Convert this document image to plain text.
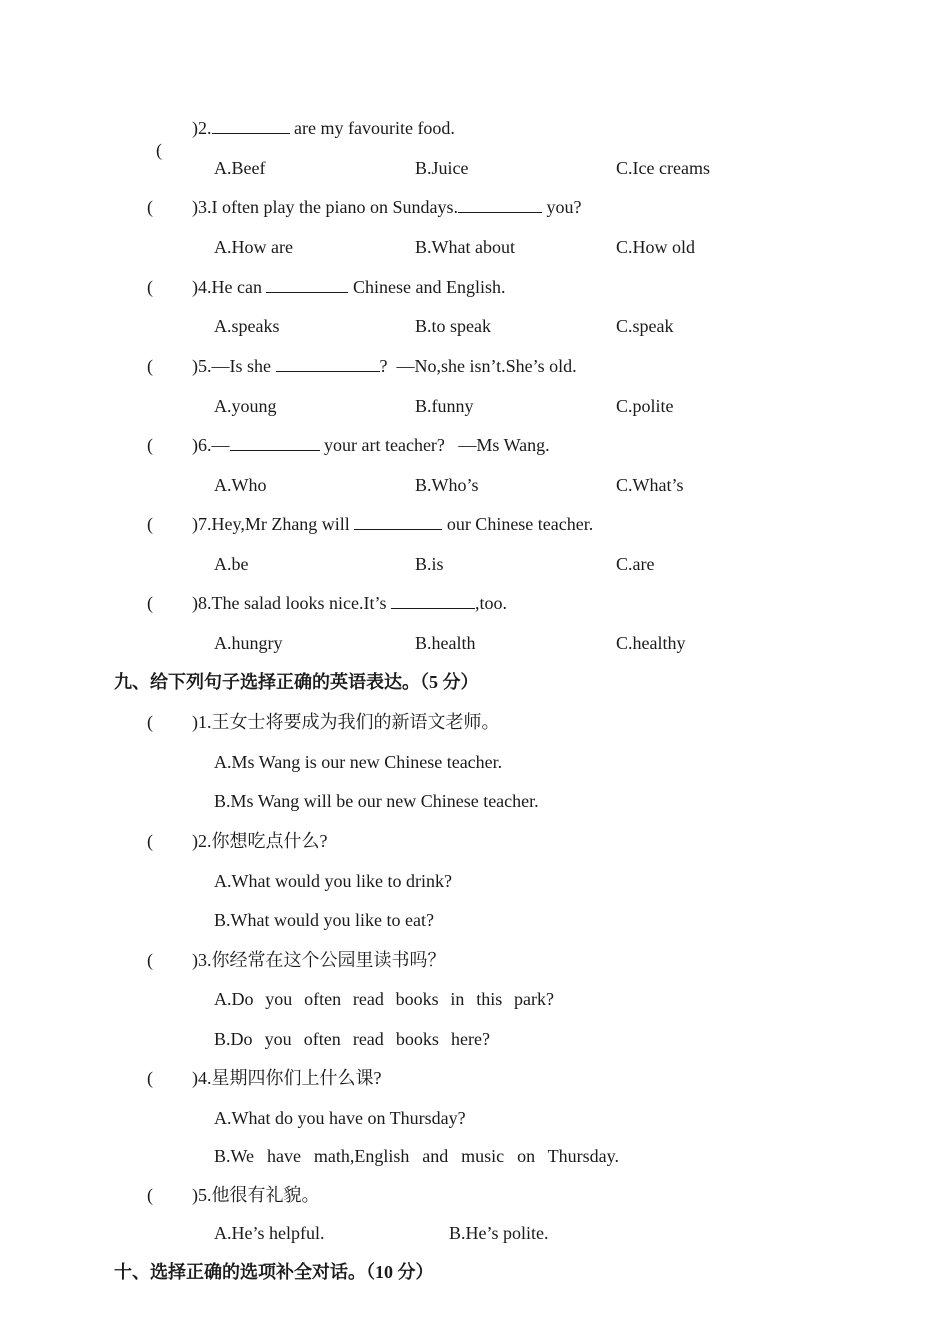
(

)2.	are my favourite food.
A.Beef	B.Juice	C.Ice creams
( )3.I often play the piano on Sundays.	you?
A.How are	B.What about	C.How old
( )4.He can	Chinese and English.
A.speaks	B.to speak	C.speak
( )5.—Is she	?  —No,she isn’t.She’s old.
A.young	B.funny	C.polite
( )6.—	your art teacher?   —Ms Wang.
A.Who	B.Who’s	C.What’s
( )7.Hey,Mr Zhang will	our Chinese teacher.
A.be	B.is	C.are
( )8.The salad looks nice.It’s	,too.
A.hungry	B.health	C.healthy
九、给下列句子选择正确的英语表达。（5 分）
( )1.王女士将要成为我们的新语文老师。
A.Ms Wang is our new Chinese teacher.
B.Ms Wang will be our new Chinese teacher.
( )2.你想吃点什么?
A.What would you like to drink?
B.What would you like to eat?
( )3.你经常在这个公园里读书吗？
A.Do you often read books in this park?
B.Do you often read books here?
( )4.星期四你们上什么课?
A.What do you have on Thursday?
B.We have math,English and music on Thursday.
( )5.他很有礼貌。
A.He’s helpful.	B.He’s polite.
十、选择正确的选项补全对话。（10 分）
